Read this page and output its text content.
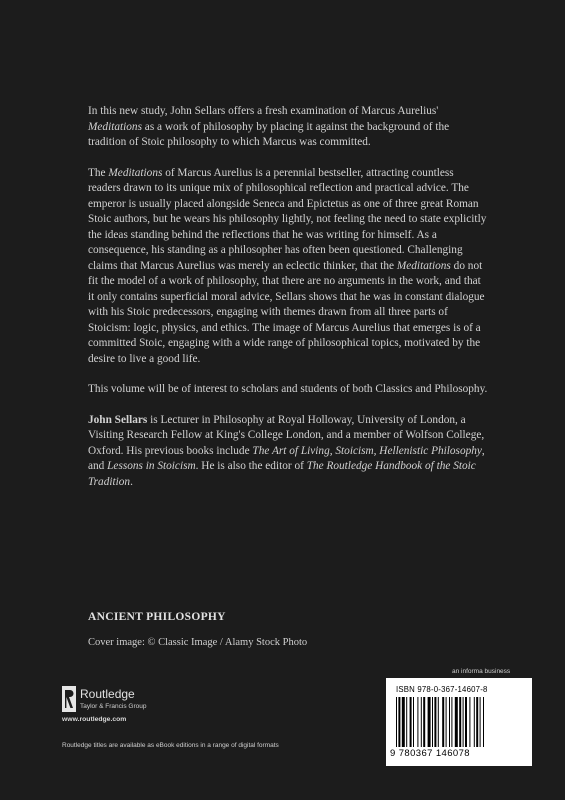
In this new study, John Sellars offers a fresh examination of Marcus Aurelius' Meditations as a work of philosophy by placing it against the background of the tradition of Stoic philosophy to which Marcus was committed.

The Meditations of Marcus Aurelius is a perennial bestseller, attracting countless readers drawn to its unique mix of philosophical reflection and practical advice. The emperor is usually placed alongside Seneca and Epictetus as one of three great Roman Stoic authors, but he wears his philosophy lightly, not feeling the need to state explicitly the ideas standing behind the reflections that he was writing for himself. As a consequence, his standing as a philosopher has often been questioned. Challenging claims that Marcus Aurelius was merely an eclectic thinker, that the Meditations do not fit the model of a work of philosophy, that there are no arguments in the work, and that it only contains superficial moral advice, Sellars shows that he was in constant dialogue with his Stoic predecessors, engaging with themes drawn from all three parts of Stoicism: logic, physics, and ethics. The image of Marcus Aurelius that emerges is of a committed Stoic, engaging with a wide range of philosophical topics, motivated by the desire to live a good life.

This volume will be of interest to scholars and students of both Classics and Philosophy.

John Sellars is Lecturer in Philosophy at Royal Holloway, University of London, a Visiting Research Fellow at King's College London, and a member of Wolfson College, Oxford. His previous books include The Art of Living, Stoicism, Hellenistic Philosophy, and Lessons in Stoicism. He is also the editor of The Routledge Handbook of the Stoic Tradition.

ANCIENT PHILOSOPHY
Cover image: © Classic Image / Alamy Stock Photo
an informa business
ISBN 978-0-367-14607-8
9 780367 146078
Routledge
Taylor & Francis Group
www.routledge.com
Routledge titles are available as eBook editions in a range of digital formats
